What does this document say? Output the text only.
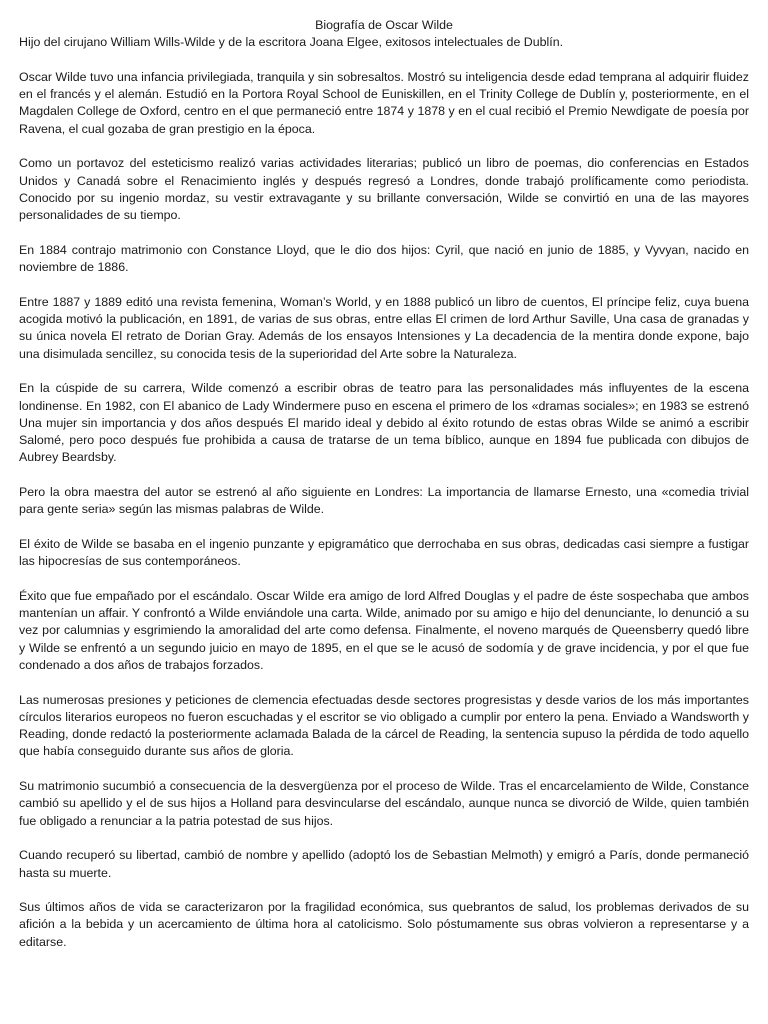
Biografía de Oscar Wilde

Hijo del cirujano William Wills-Wilde y de la escritora Joana Elgee, exitosos intelectuales de Dublín.

Oscar Wilde tuvo una infancia privilegiada, tranquila y sin sobresaltos. Mostró su inteligencia desde edad temprana al adquirir fluidez en el francés y el alemán. Estudió en la Portora Royal School de Euniskillen, en el Trinity College de Dublín y, posteriormente, en el Magdalen College de Oxford, centro en el que permaneció entre 1874 y 1878 y en el cual recibió el Premio Newdigate de poesía por Ravena, el cual gozaba de gran prestigio en la época.

Como un portavoz del esteticismo realizó varias actividades literarias; publicó un libro de poemas, dio conferencias en Estados Unidos y Canadá sobre el Renacimiento inglés y después regresó a Londres, donde trabajó prolíficamente como periodista. Conocido por su ingenio mordaz, su vestir extravagante y su brillante conversación, Wilde se convirtió en una de las mayores personalidades de su tiempo.

En 1884 contrajo matrimonio con Constance Lloyd, que le dio dos hijos: Cyril, que nació en junio de 1885, y Vyvyan, nacido en noviembre de 1886.

Entre 1887 y 1889 editó una revista femenina, Woman’s World, y en 1888 publicó un libro de cuentos, El príncipe feliz, cuya buena acogida motivó la publicación, en 1891, de varias de sus obras, entre ellas El crimen de lord Arthur Saville, Una casa de granadas y su única novela El retrato de Dorian Gray. Además de los ensayos Intensiones y La decadencia de la mentira donde expone, bajo una disimulada sencillez, su conocida tesis de la superioridad del Arte sobre la Naturaleza.

En la cúspide de su carrera, Wilde comenzó a escribir obras de teatro para las personalidades más influyentes de la escena londinense. En 1982, con El abanico de Lady Windermere puso en escena el primero de los «dramas sociales»; en 1983 se estrenó Una mujer sin importancia y dos años después El marido ideal y debido al éxito rotundo de estas obras Wilde se animó a escribir Salomé, pero poco después fue prohibida a causa de tratarse de un tema bíblico, aunque en 1894 fue publicada con dibujos de Aubrey Beardsby.

Pero la obra maestra del autor se estrenó al año siguiente en Londres: La importancia de llamarse Ernesto, una «comedia trivial para gente seria» según las mismas palabras de Wilde.

El éxito de Wilde se basaba en el ingenio punzante y epigramático que derrochaba en sus obras, dedicadas casi siempre a fustigar las hipocresías de sus contemporáneos.

Éxito que fue empañado por el escándalo. Oscar Wilde era amigo de lord Alfred Douglas y el padre de éste sospechaba que ambos mantenían un affair. Y confrontó a Wilde enviándole una carta. Wilde, animado por su amigo e hijo del denunciante, lo denunció a su vez por calumnias y esgrimiendo la amoralidad del arte como defensa. Finalmente, el noveno marqués de Queensberry quedó libre y Wilde se enfrentó a un segundo juicio en mayo de 1895, en el que se le acusó de sodomía y de grave incidencia, y por el que fue condenado a dos años de trabajos forzados.

Las numerosas presiones y peticiones de clemencia efectuadas desde sectores progresistas y desde varios de los más importantes círculos literarios europeos no fueron escuchadas y el escritor se vio obligado a cumplir por entero la pena. Enviado a Wandsworth y Reading, donde redactó la posteriormente aclamada Balada de la cárcel de Reading, la sentencia supuso la pérdida de todo aquello que había conseguido durante sus años de gloria.

Su matrimonio sucumbió a consecuencia de la desvergüenza por el proceso de Wilde. Tras el encarcelamiento de Wilde, Constance cambió su apellido y el de sus hijos a Holland para desvincularse del escándalo, aunque nunca se divorció de Wilde, quien también fue obligado a renunciar a la patria potestad de sus hijos.

Cuando recuperó su libertad, cambió de nombre y apellido (adoptó los de Sebastian Melmoth) y emigró a París, donde permaneció hasta su muerte.

Sus últimos años de vida se caracterizaron por la fragilidad económica, sus quebrantos de salud, los problemas derivados de su afición a la bebida y un acercamiento de última hora al catolicismo. Solo póstumamente sus obras volvieron a representarse y a editarse.
